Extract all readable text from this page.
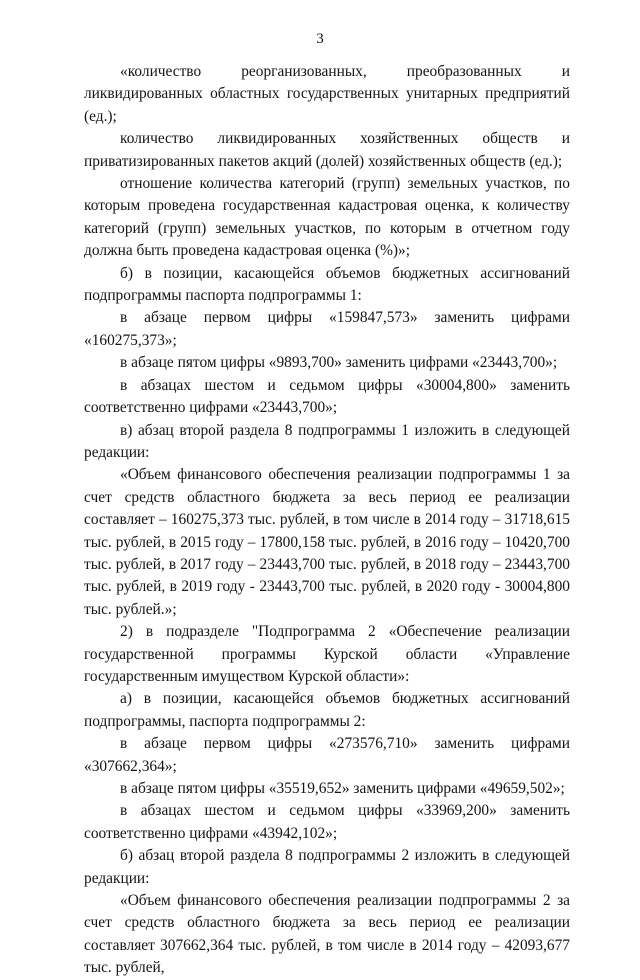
3

«количество реорганизованных, преобразованных и ликвидированных областных государственных унитарных предприятий (ед.);

количество ликвидированных хозяйственных обществ и приватизированных пакетов акций (долей) хозяйственных обществ (ед.);

отношение количества категорий (групп) земельных участков, по которым проведена государственная кадастровая оценка, к количеству категорий (групп) земельных участков, по которым в отчетном году должна быть проведена кадастровая оценка (%)»;

б) в позиции, касающейся объемов бюджетных ассигнований подпрограммы паспорта подпрограммы 1:

в абзаце первом цифры «159847,573» заменить цифрами «160275,373»;

в абзаце пятом цифры «9893,700» заменить цифрами «23443,700»;

в абзацах шестом и седьмом цифры «30004,800» заменить соответственно цифрами «23443,700»;

в) абзац второй раздела 8 подпрограммы 1 изложить в следующей редакции:

«Объем финансового обеспечения реализации подпрограммы 1 за счет средств областного бюджета за весь период ее реализации составляет – 160275,373 тыс. рублей, в том числе в 2014 году – 31718,615 тыс. рублей, в 2015 году – 17800,158 тыс. рублей, в 2016 году – 10420,700 тыс. рублей, в 2017 году – 23443,700 тыс. рублей, в 2018 году – 23443,700 тыс. рублей, в 2019 году - 23443,700 тыс. рублей, в 2020 году - 30004,800 тыс. рублей.»;

2) в подразделе "Подпрограмма 2 «Обеспечение реализации государственной программы Курской области «Управление государственным имуществом Курской области»:

а) в позиции, касающейся объемов бюджетных ассигнований подпрограммы, паспорта подпрограммы 2:

в абзаце первом цифры «273576,710» заменить цифрами «307662,364»;

в абзаце пятом цифры «35519,652» заменить цифрами «49659,502»;

в абзацах шестом и седьмом цифры «33969,200» заменить соответственно цифрами «43942,102»;

б) абзац второй раздела 8 подпрограммы 2 изложить в следующей редакции:

«Объем финансового обеспечения реализации подпрограммы 2 за счет средств областного бюджета за весь период ее реализации составляет 307662,364 тыс. рублей, в том числе в 2014 году – 42093,677 тыс. рублей,
